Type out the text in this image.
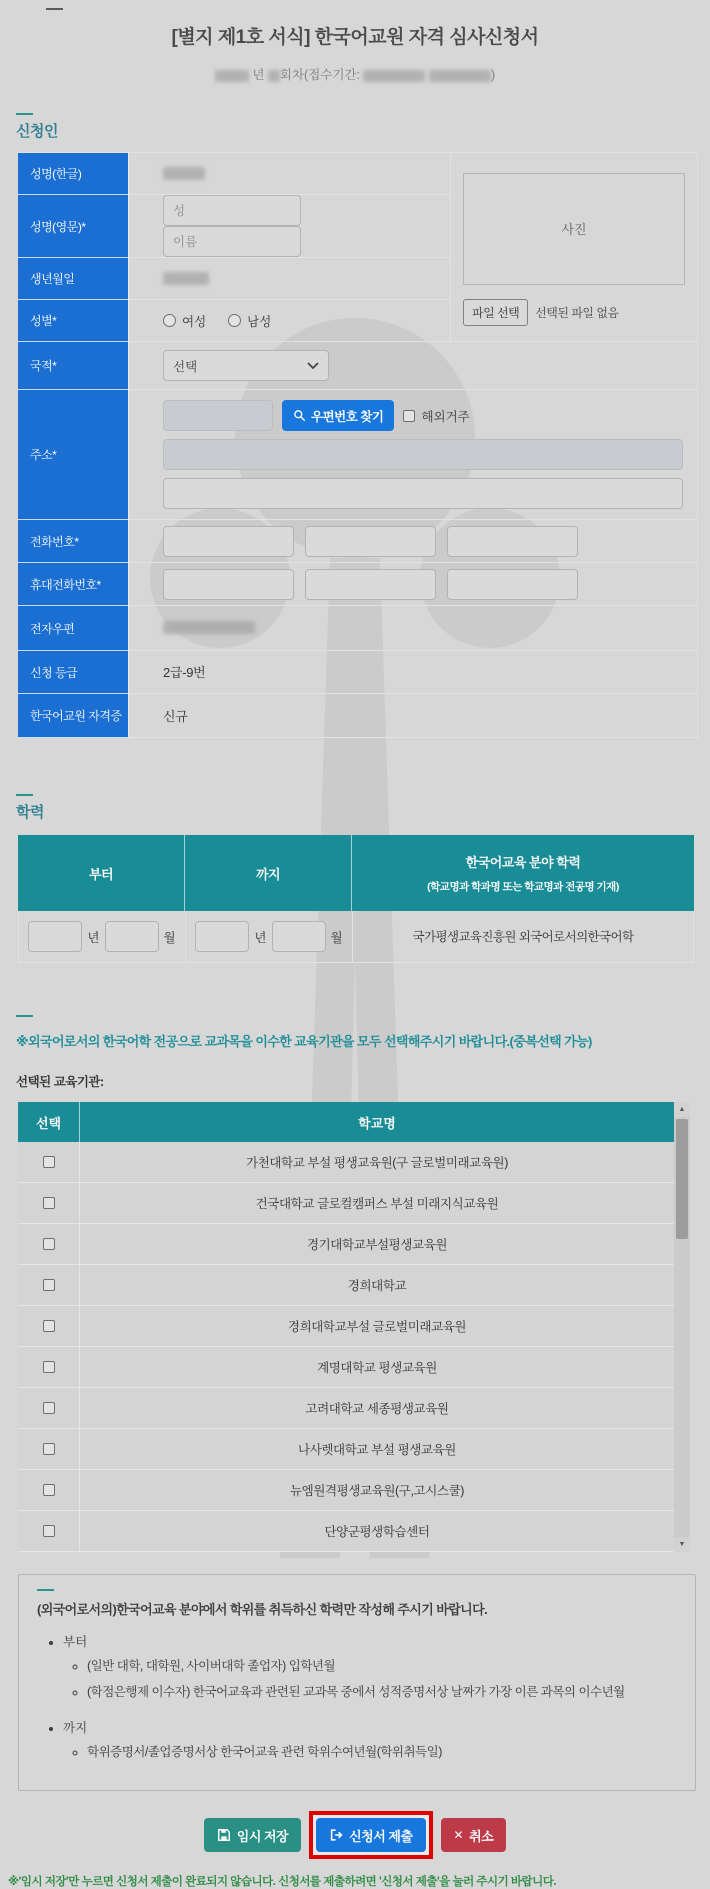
[별지 제1호 서식] 한국어교원 자격 심사신청서
년 회차(접수기간:	)
신청인
성명(한글)		사진
파일 선택 선택된 파일 없음

성명(영문)*	성 이름
생년월일		
성별*	여성 남성	

국적*	선택	

주소*	우편번호 찾기 해외거주	

전화번호*	

휴대전화번호*	

전자우편		
신청 등급	2급-9번	
한국어교원 자격증	신규	
학력
부터	까지	한국어교육 분야 학력
(학교명과 학과명 또는 학교명과 전공명 기재)

년 월	년 월	국가평생교육진흥원 외국어로서의한국어학
※외국어로서의 한국어학 전공으로 교과목을 이수한 교육기관을 모두 선택해주시기 바랍니다.(중복선택 가능)
선택된 교육기관:
선택	학교명
가천대학교 부설 평생교육원(구 글로벌미래교육원)
건국대학교 글로컬캠퍼스 부설 미래지식교육원
경기대학교부설평생교육원
경희대학교
경희대학교부설 글로벌미래교육원
계명대학교 평생교육원
고려대학교 세종평생교육원
나사렛대학교 부설 평생교육원
뉴엠원격평생교육원(구,고시스쿨)
단양군평생학습센터
▲
▼
(외국어로서의)한국어교육 분야에서 학위를 취득하신 학력만 작성해 주시기 바랍니다.
• 부터
◦ (일반 대학, 대학원, 사이버대학 졸업자) 입학년월
◦ (학점은행제 이수자) 한국어교육과 관련된 교과목 중에서 성적증명서상 날짜가 가장 이른 과목의 이수년월
• 까지
◦ 학위증명서/졸업증명서상 한국어교육 관련 학위수여년월(학위취득일)
임시 저장	신청서 제출	✕ 취소
※'임시 저장'만 누르면 신청서 제출이 완료되지 않습니다. 신청서를 제출하려면 '신청서 제출'을 눌러 주시기 바랍니다.
